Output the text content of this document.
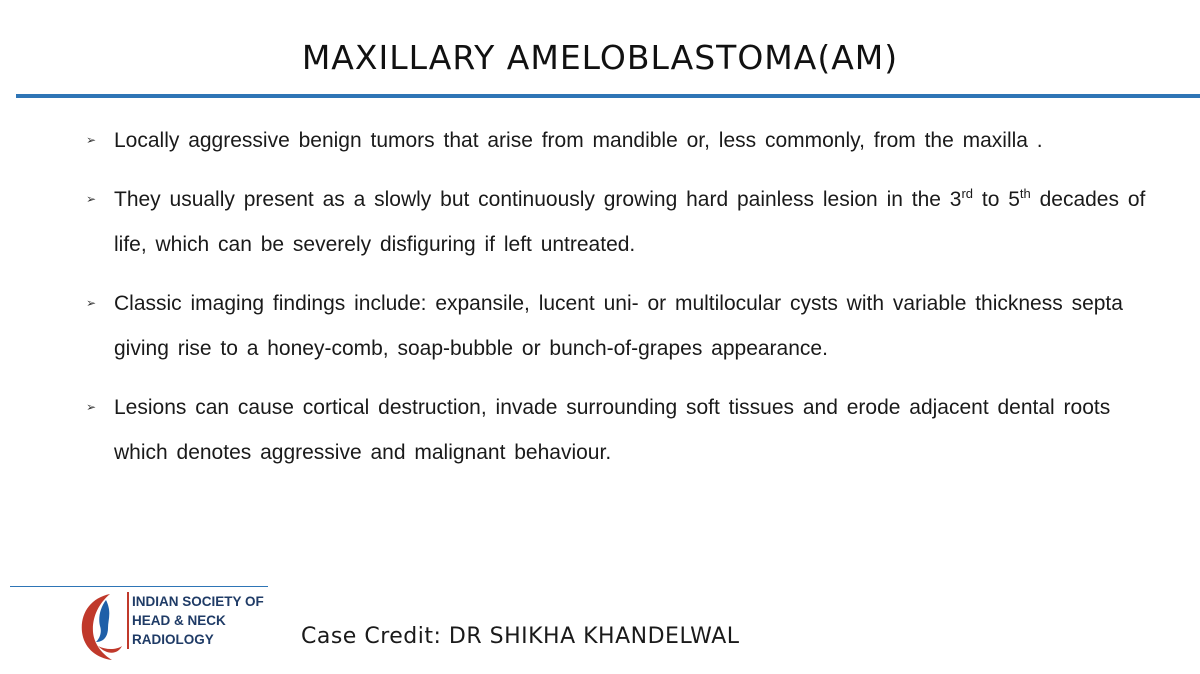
MAXILLARY AMELOBLASTOMA(AM)
➢ Locally aggressive benign tumors that arise from mandible or, less commonly, from the maxilla .
➢ They usually present as a slowly but continuously growing hard painless lesion in the 3rd to 5th decades of life, which can be severely disfiguring if left untreated.
➢ Classic imaging findings include: expansile, lucent uni- or multilocular cysts with variable thickness septa giving rise to a honey-comb, soap-bubble or bunch-of-grapes appearance.
➢ Lesions can cause cortical destruction, invade surrounding soft tissues and erode adjacent dental roots which denotes aggressive and malignant behaviour.
INDIAN SOCIETY OF
HEAD & NECK
RADIOLOGY	Case Credit: DR SHIKHA KHANDELWAL
